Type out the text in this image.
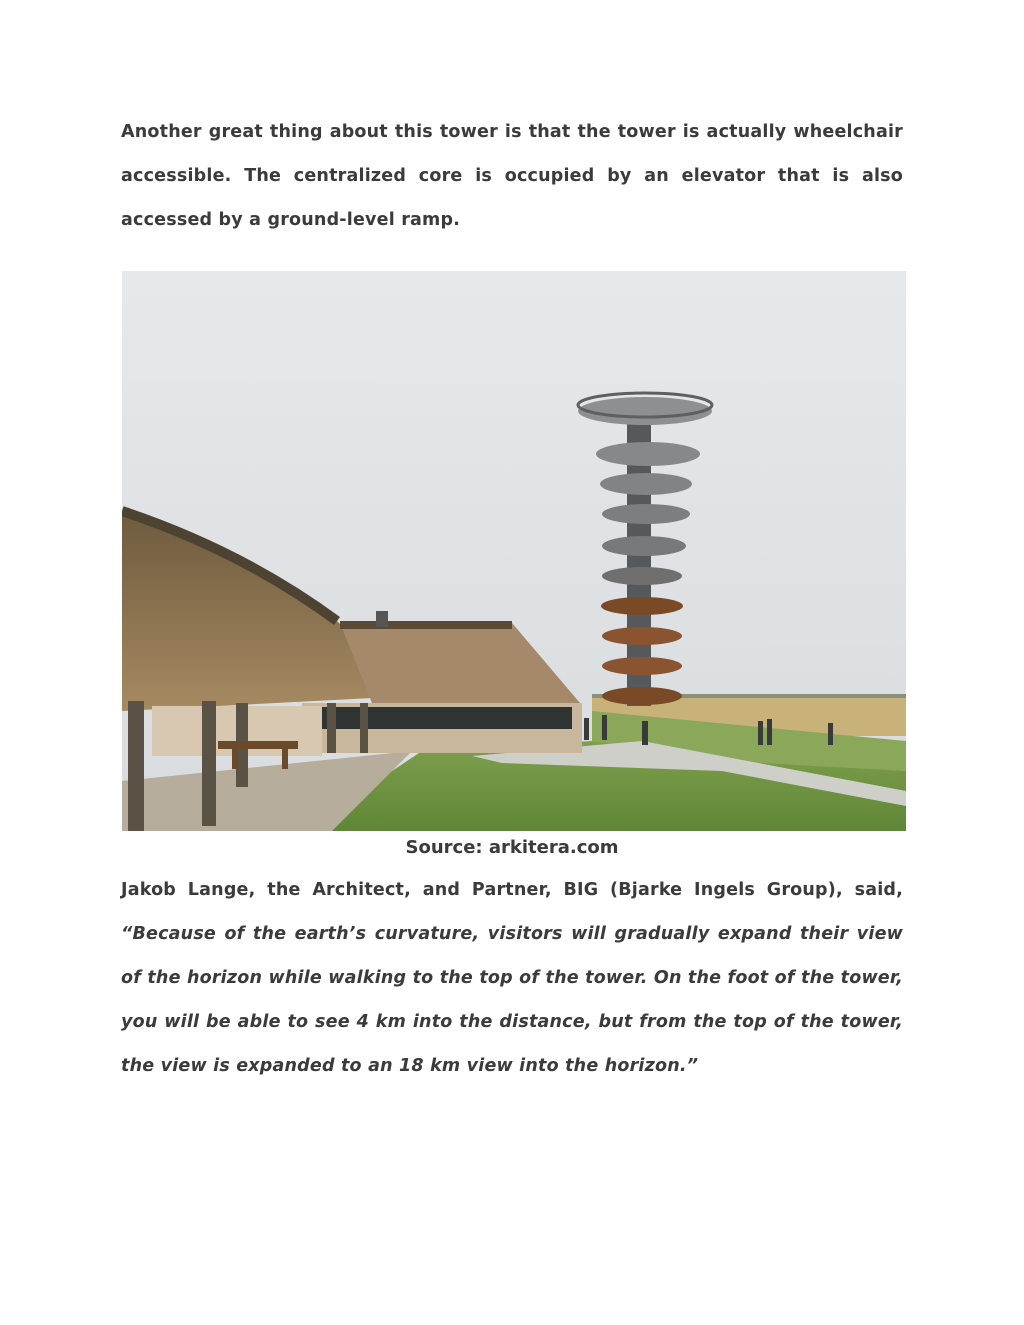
Another great thing about this tower is that the tower is actually wheelchair accessible. The centralized core is occupied by an elevator that is also accessed by a ground-level ramp.

Source: arkitera.com

Jakob Lange, the Architect, and Partner, BIG (Bjarke Ingels Group), said, “Because of the earth’s curvature, visitors will gradually expand their view of the horizon while walking to the top of the tower. On the foot of the tower, you will be able to see 4 km into the distance, but from the top of the tower, the view is expanded to an 18 km view into the horizon.”
